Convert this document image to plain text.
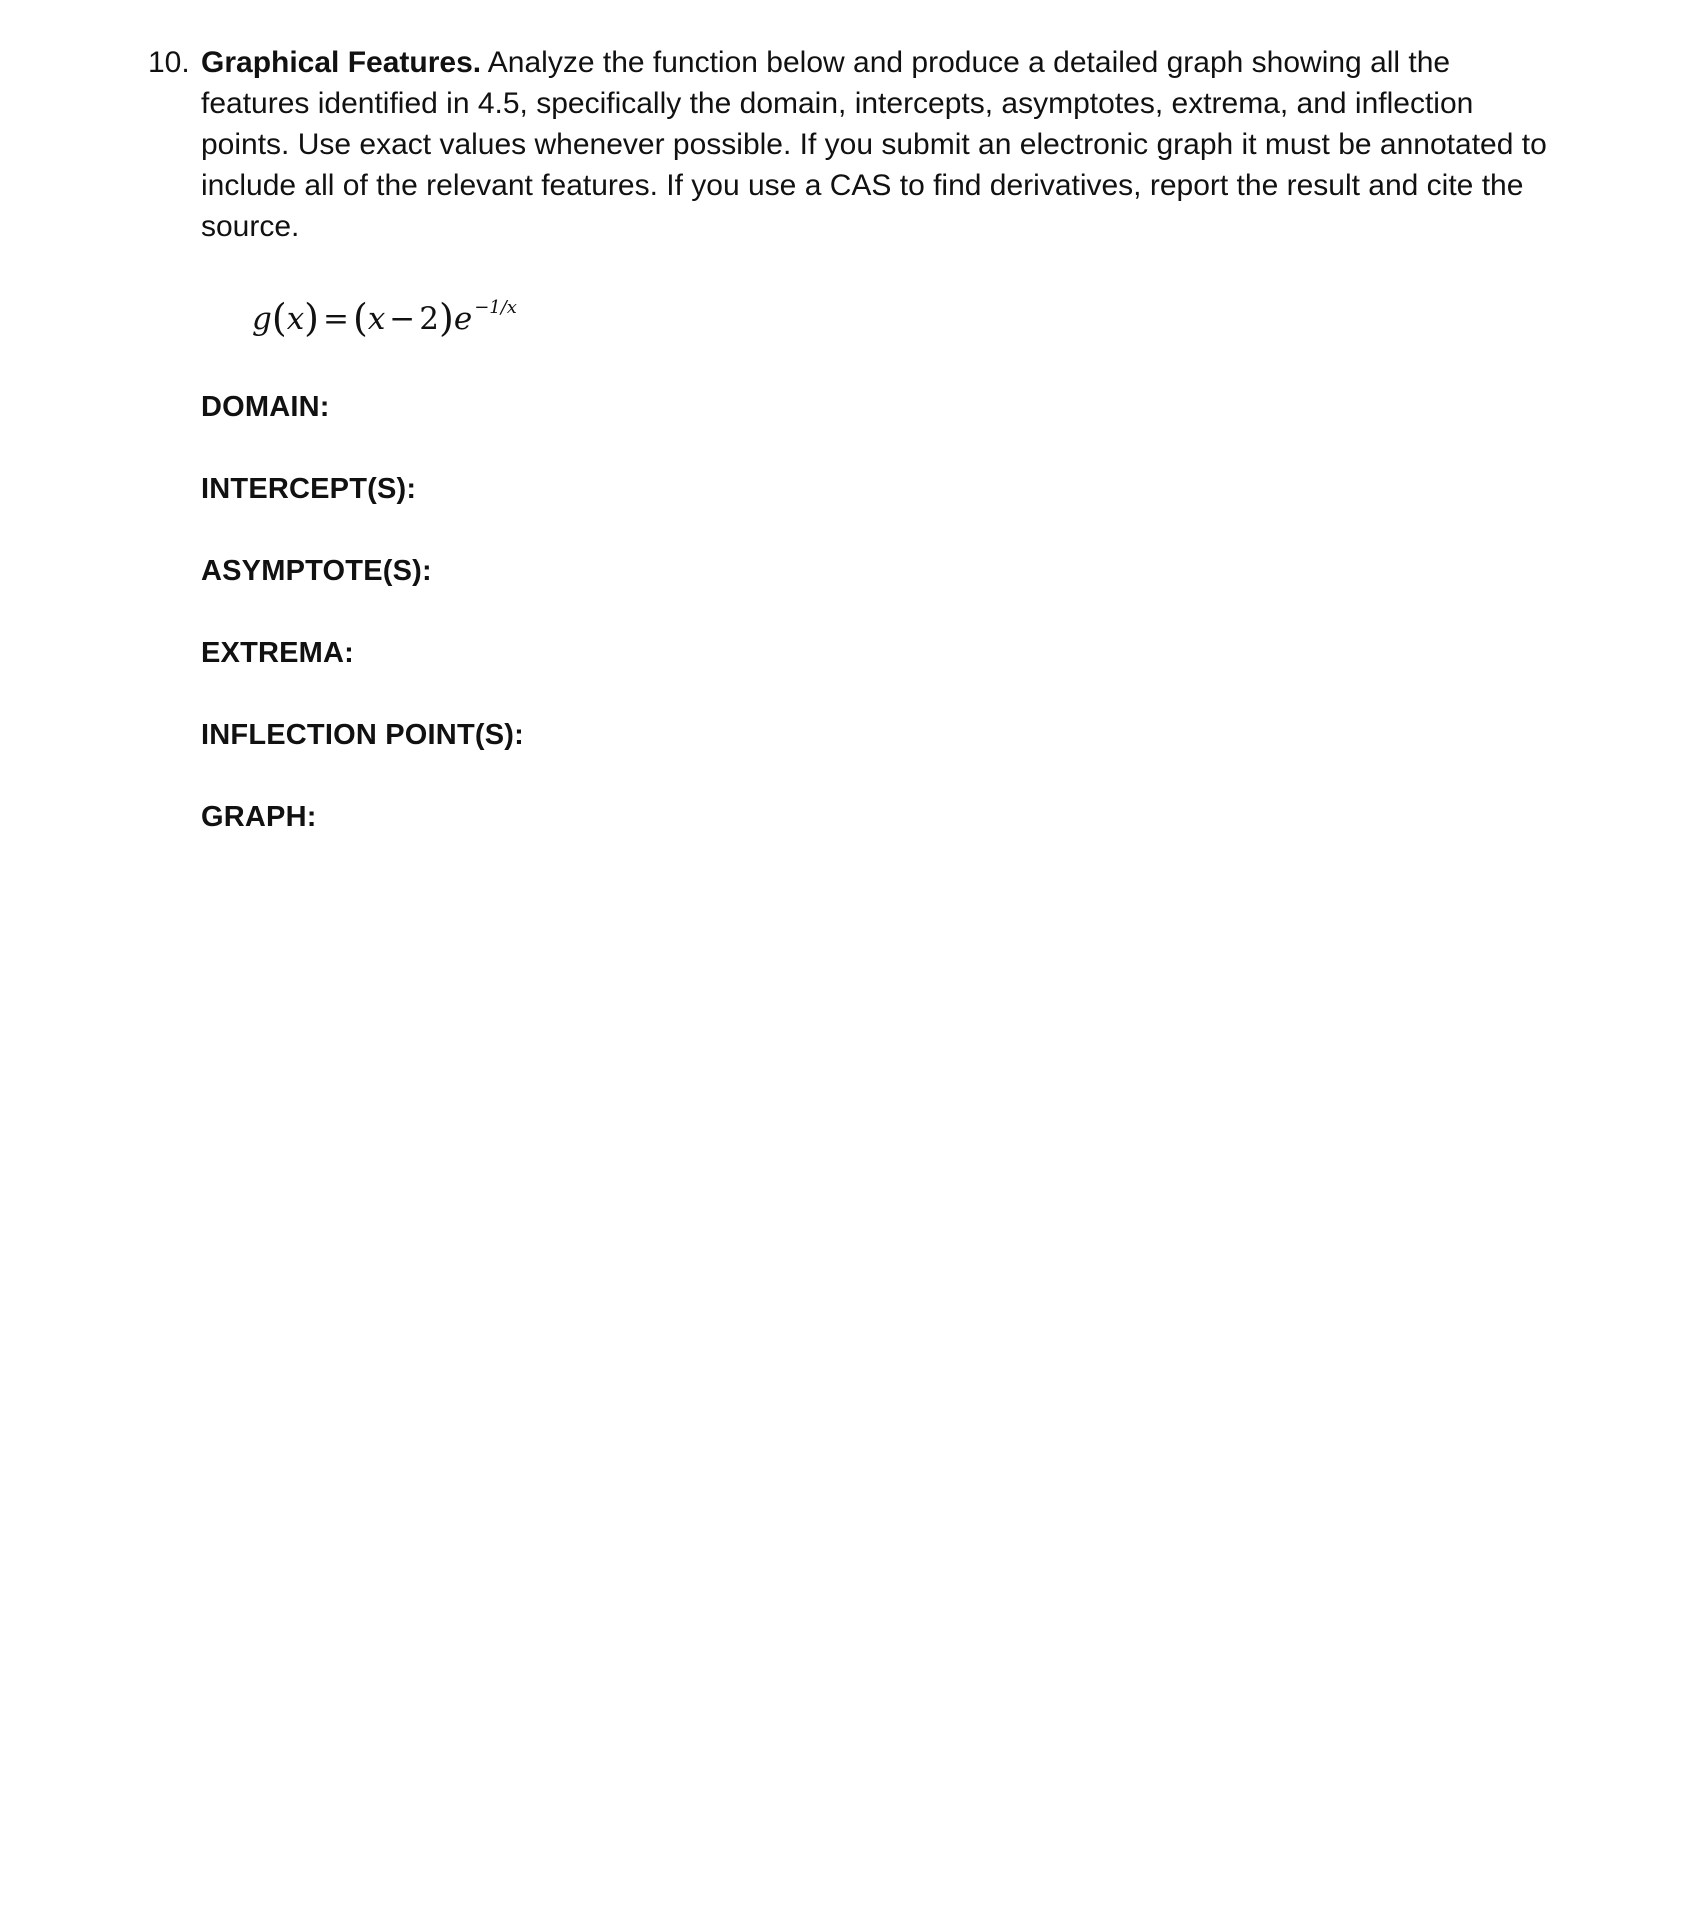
10. Graphical Features. Analyze the function below and produce a detailed graph showing all the features identified in 4.5, specifically the domain, intercepts, asymptotes, extrema, and inflection points. Use exact values whenever possible. If you submit an electronic graph it must be annotated to include all of the relevant features. If you use a CAS to find derivatives, report the result and cite the source.
g(x) = (x − 2)e $^{-1/x}$
DOMAIN:
INTERCEPT(S):
ASYMPTOTE(S):
EXTREMA:
INFLECTION POINT(S):
GRAPH:
